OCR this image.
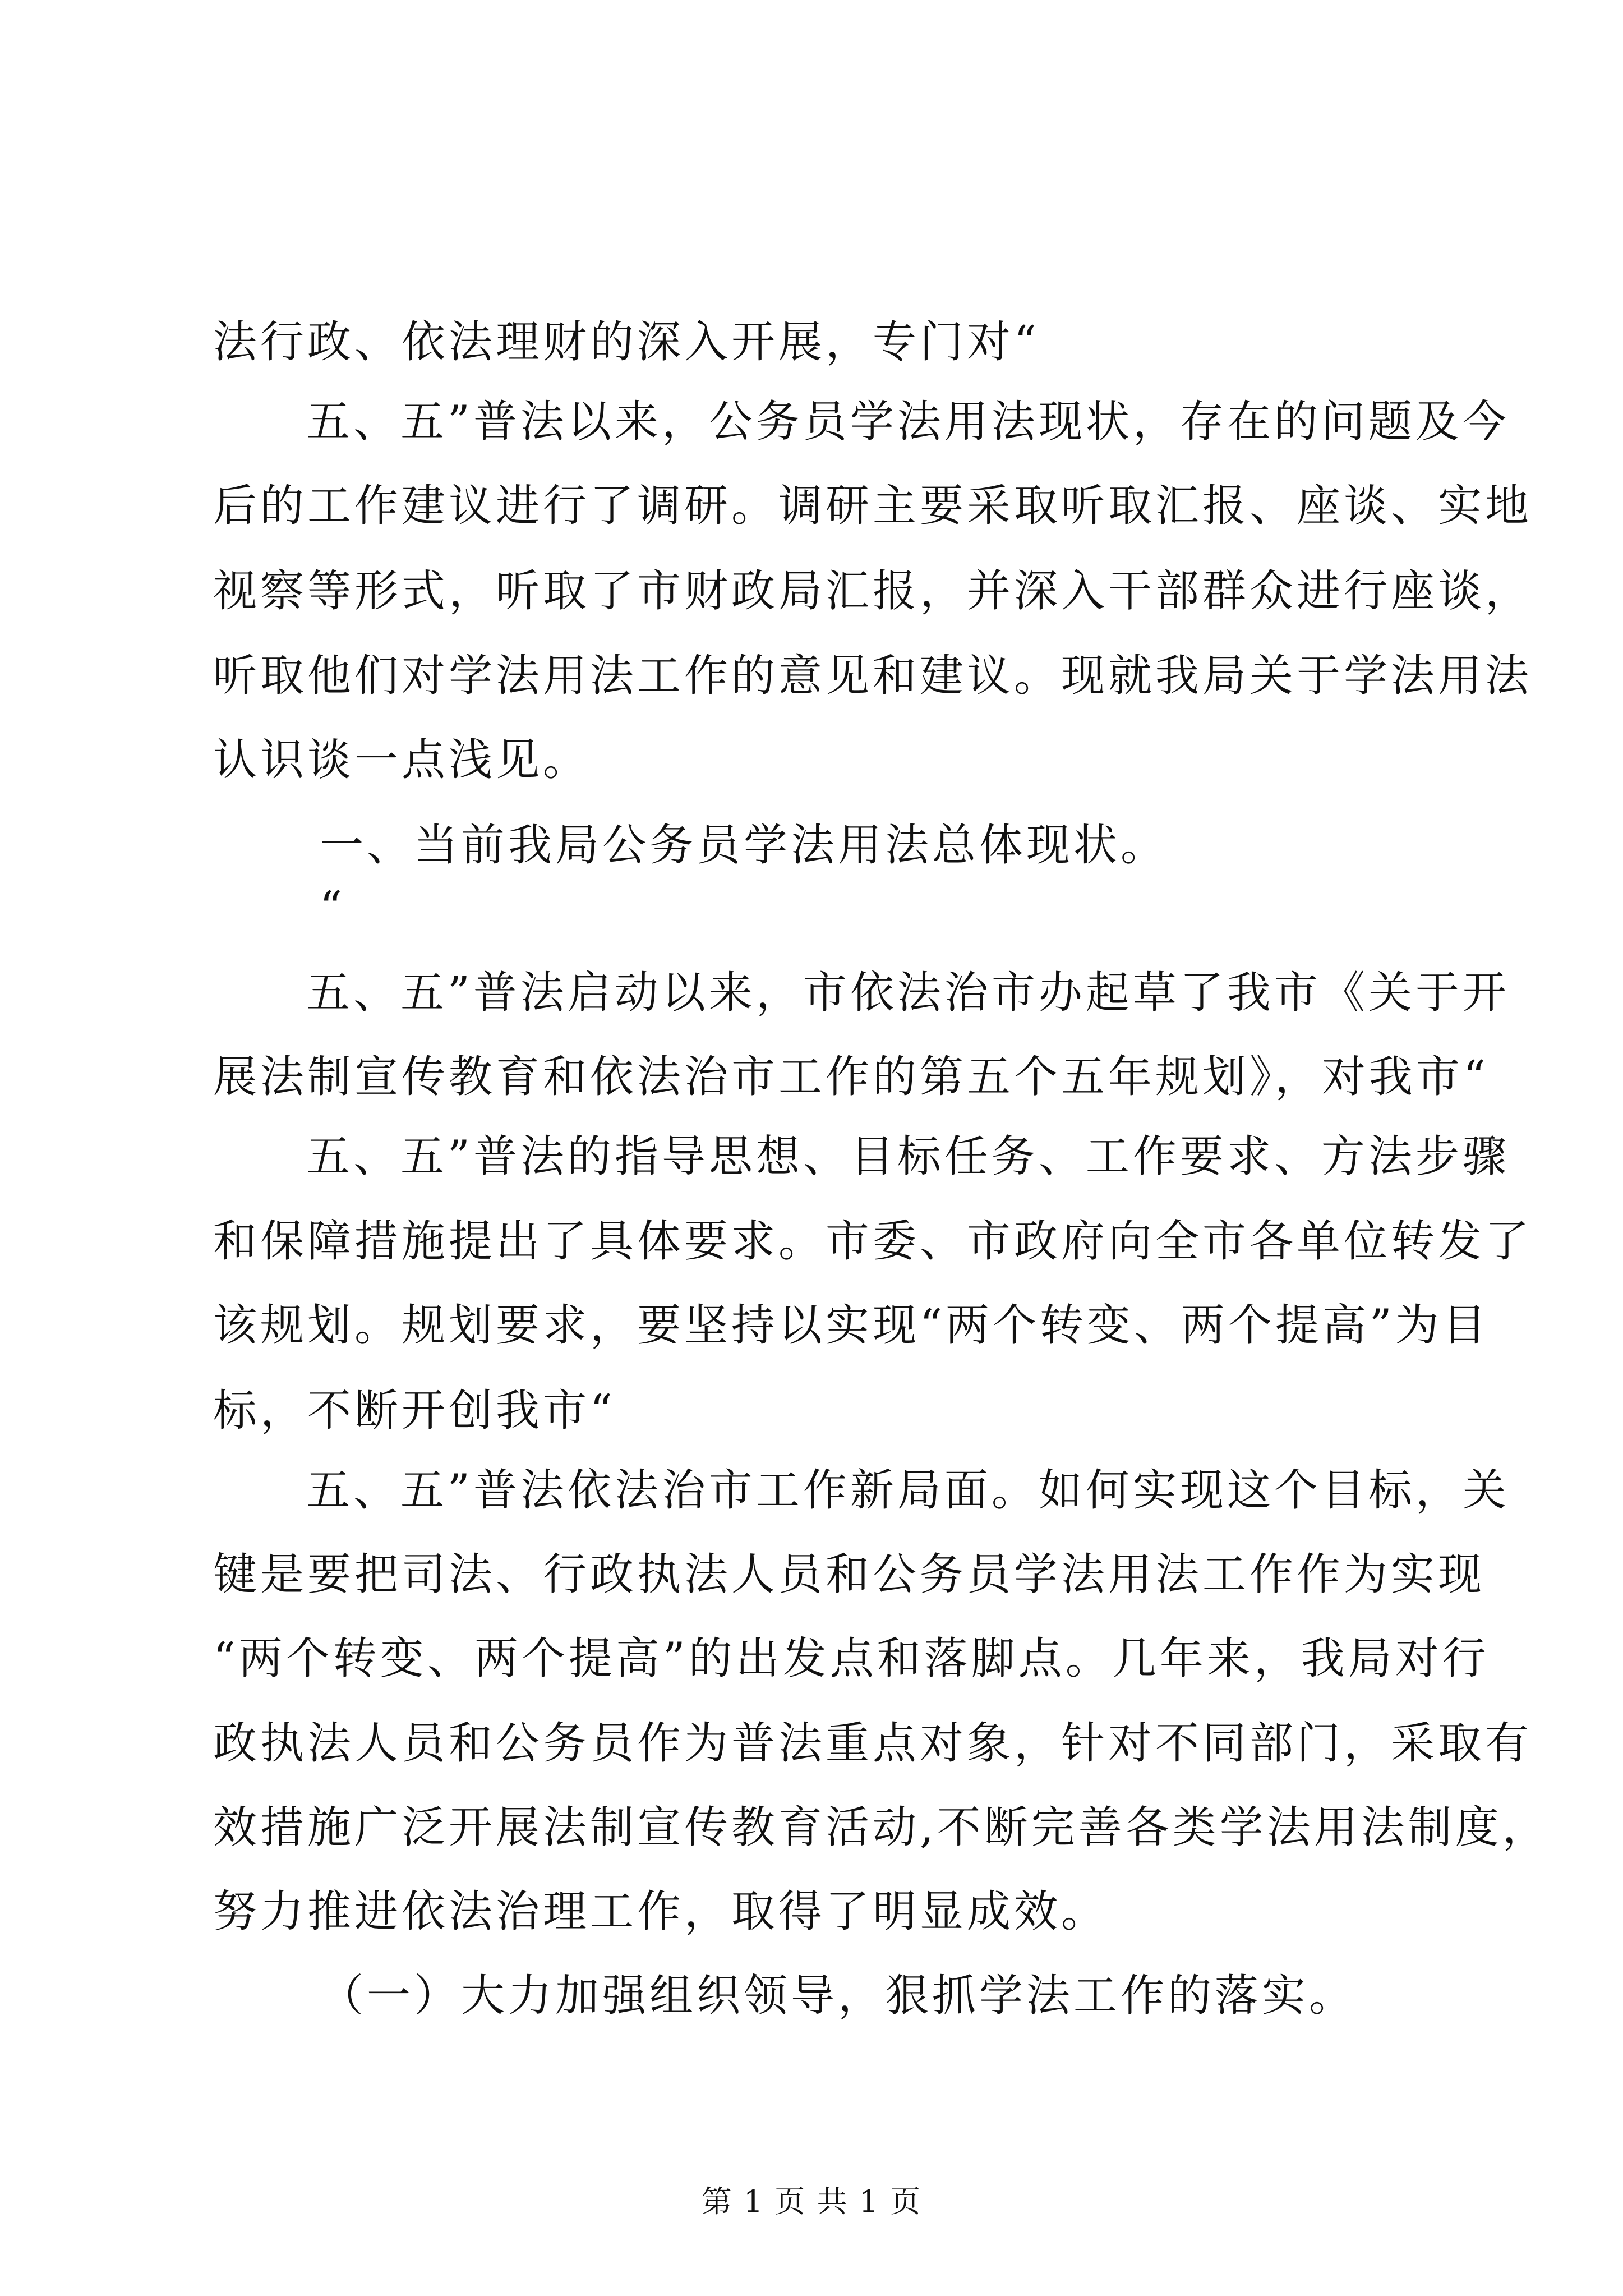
法行政、依法理财的深入开展，专门对“
五、五”普法以来，公务员学法用法现状，存在的问题及今
后的工作建议进行了调研。调研主要采取听取汇报、座谈、实地
视察等形式，听取了市财政局汇报，并深入干部群众进行座谈，
听取他们对学法用法工作的意见和建议。现就我局关于学法用法
认识谈一点浅见。
一、当前我局公务员学法用法总体现状。
“
五、五”普法启动以来，市依法治市办起草了我市《关于开
展法制宣传教育和依法治市工作的第五个五年规划》，对我市“
五、五”普法的指导思想、目标任务、工作要求、方法步骤
和保障措施提出了具体要求。市委、市政府向全市各单位转发了
该规划。规划要求，要坚持以实现“两个转变、两个提高”为目
标，不断开创我市“
五、五”普法依法治市工作新局面。如何实现这个目标，关
键是要把司法、行政执法人员和公务员学法用法工作作为实现
“两个转变、两个提高”的出发点和落脚点。几年来，我局对行
政执法人员和公务员作为普法重点对象，针对不同部门，采取有
效措施广泛开展法制宣传教育活动,不断完善各类学法用法制度，
努力推进依法治理工作，取得了明显成效。
（一）大力加强组织领导，狠抓学法工作的落实。
第 1 页 共 1 页
